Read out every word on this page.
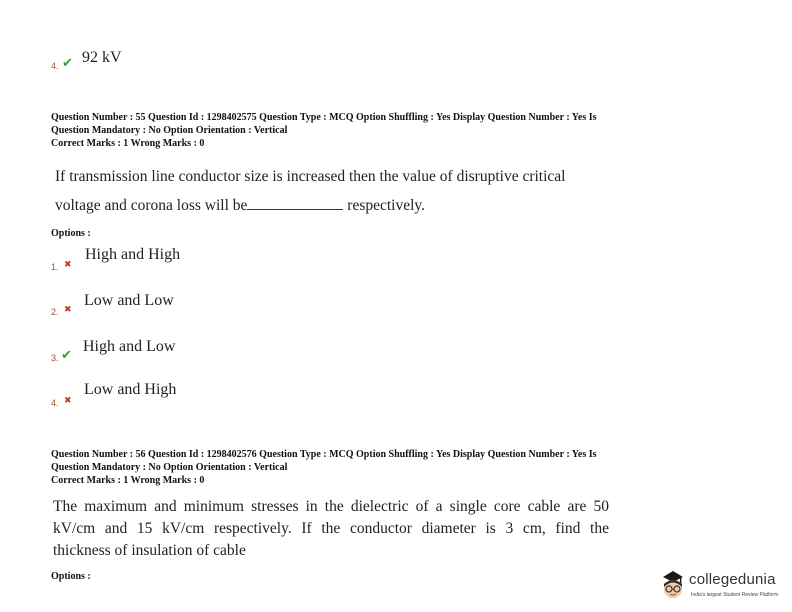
4. ✔ 92 kV
Question Number : 55 Question Id : 1298402575 Question Type : MCQ Option Shuffling : Yes Display Question Number : Yes Is
Question Mandatory : No Option Orientation : Vertical
Correct Marks : 1 Wrong Marks : 0
If transmission line conductor size is increased then the value of disruptive critical
voltage and corona loss will be	respectively.
Options :
1. ✖
High and High
2. ✖
Low and Low
3. ✔
High and Low
4. ✖
Low and High
Question Number : 56 Question Id : 1298402576 Question Type : MCQ Option Shuffling : Yes Display Question Number : Yes Is
Question Mandatory : No Option Orientation : Vertical
Correct Marks : 1 Wrong Marks : 0
The maximum and minimum stresses in the dielectric of a single core cable are 50
kV/cm and 15 kV/cm respectively. If the conductor diameter is 3 cm, find the
thickness of insulation of cable
Options :	collegedunia
India's largest Student Review Platform
